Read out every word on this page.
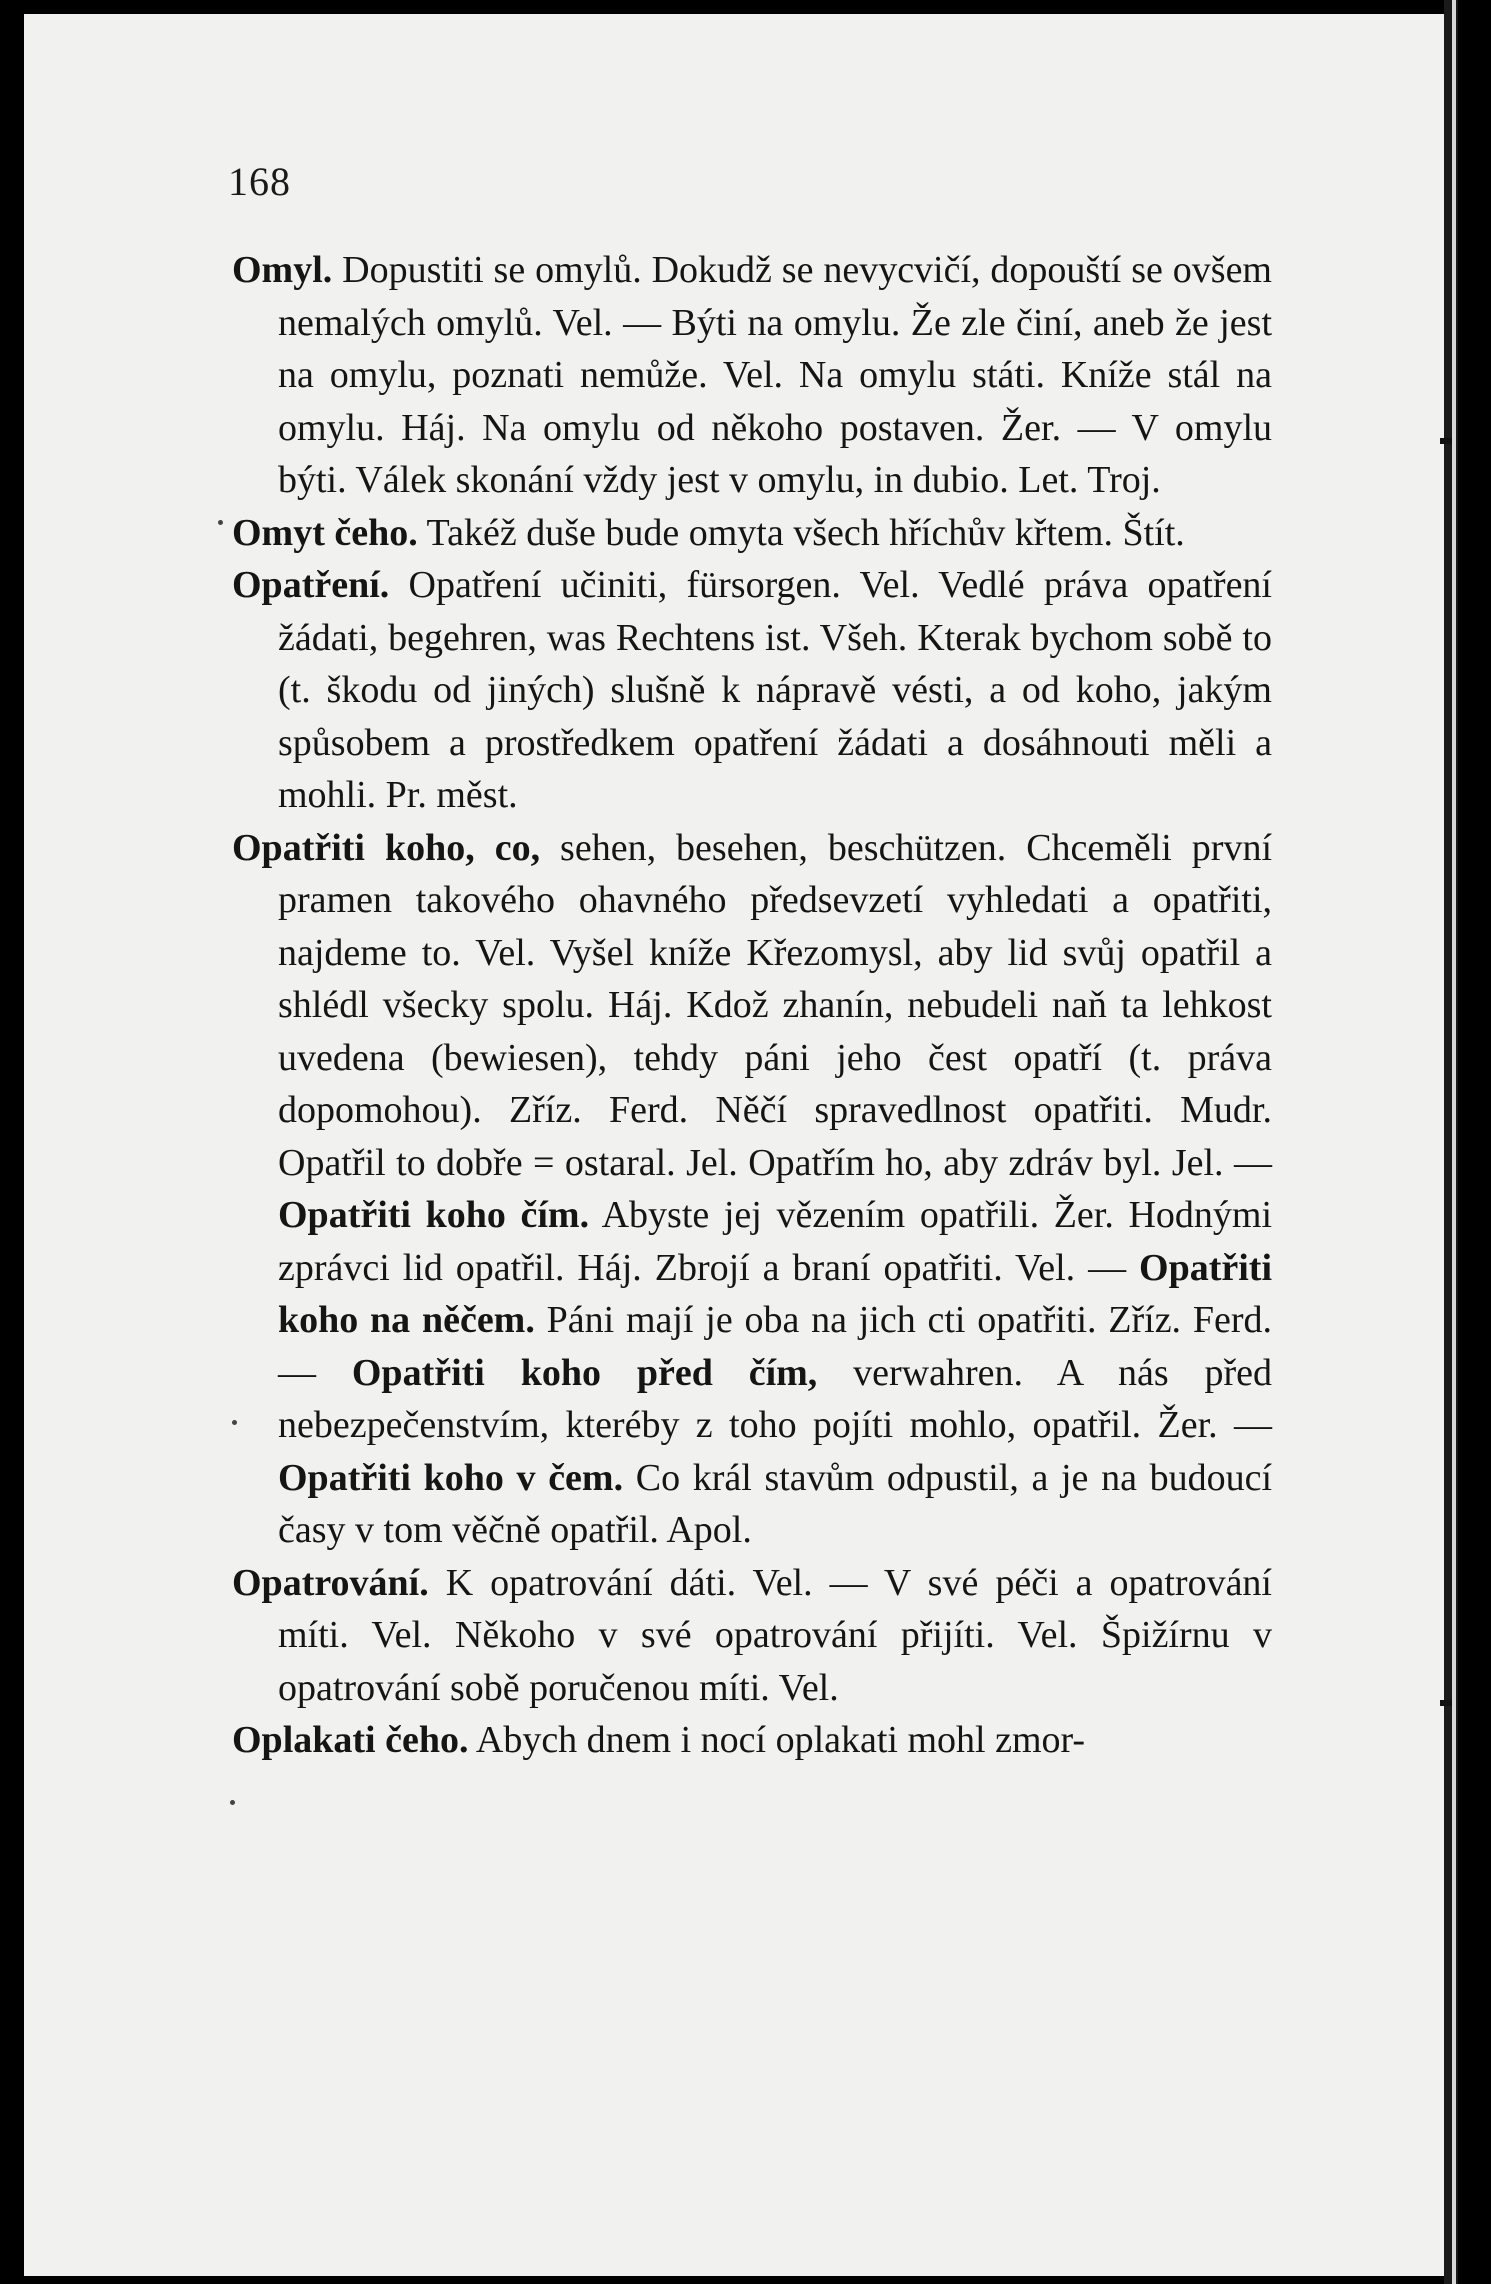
168

Omyl. Dopustiti se omylů. Dokudž se nevycvičí, dopouští se ovšem nemalých omylů. Vel. — Býti na omylu. Že zle činí, aneb že jest na omylu, poznati nemůže. Vel. Na omylu státi. Kníže stál na omylu. Háj. Na omylu od někoho postaven. Žer. — V omylu býti. Válek skonání vždy jest v omylu, in dubio. Let. Troj.

Omyt čeho. Takéž duše bude omyta všech hříchův křtem. Štít.

Opatření. Opatření učiniti, fürsorgen. Vel. Vedlé práva opatření žádati, begehren, was Rechtens ist. Všeh. Kterak bychom sobě to (t. škodu od jiných) slušně k nápravě vésti, a od koho, jakým spůsobem a prostředkem opatření žádati a dosáhnouti měli a mohli. Pr. měst.

Opatřiti koho, co, sehen, besehen, beschützen. Chceměli první pramen takového ohavného předsevzetí vyhledati a opatřiti, najdeme to. Vel. Vyšel kníže Křezomysl, aby lid svůj opatřil a shlédl všecky spolu. Háj. Kdož zhanín, nebudeli naň ta lehkost uvedena (bewiesen), tehdy páni jeho čest opatří (t. práva dopomohou). Zříz. Ferd. Něčí spravedlnost opatřiti. Mudr. Opatřil to dobře = ostaral. Jel. Opatřím ho, aby zdráv byl. Jel. — Opatřiti koho čím. Abyste jej vězením opatřili. Žer. Hodnými zprávci lid opatřil. Háj. Zbrojí a braní opatřiti. Vel. — Opatřiti koho na něčem. Páni mají je oba na jich cti opatřiti. Zříz. Ferd. — Opatřiti koho před čím, verwahren. A nás před nebezpečenstvím, kteréby z toho pojíti mohlo, opatřil. Žer. — Opatřiti koho v čem. Co král stavům odpustil, a je na budoucí časy v tom věčně opatřil. Apol.

Opatrování. K opatrování dáti. Vel. — V své péči a opatrování míti. Vel. Někoho v své opatrování přijíti. Vel. Špižírnu v opatrování sobě poručenou míti. Vel.

Oplakati čeho. Abych dnem i nocí oplakati mohl zmor-
